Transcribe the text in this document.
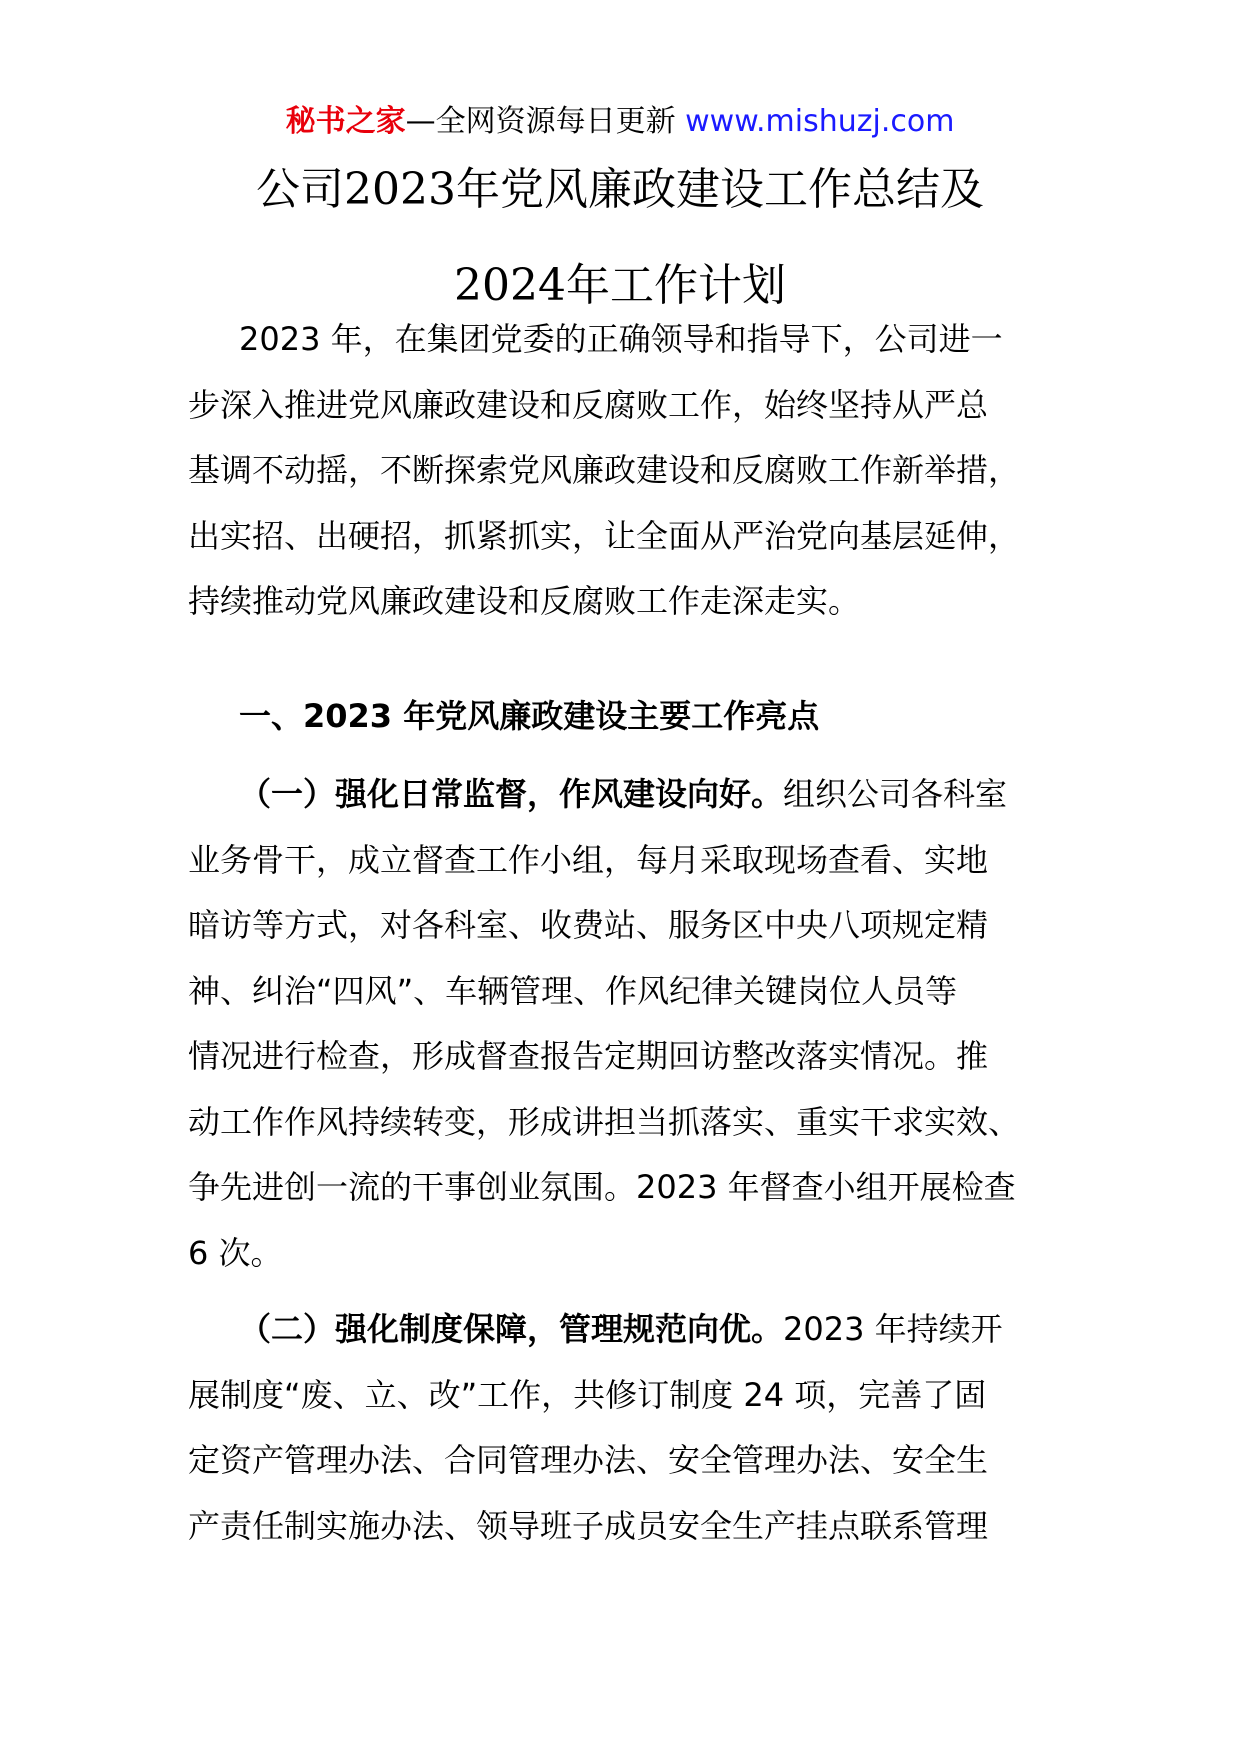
秘书之家—全网资源每日更新 www.mishuzj.com
公司2023年党风廉政建设工作总结及
2024年工作计划
2023 年，在集团党委的正确领导和指导下，公司进一
步深入推进党风廉政建设和反腐败工作，始终坚持从严总
基调不动摇，不断探索党风廉政建设和反腐败工作新举措，
出实招、出硬招，抓紧抓实，让全面从严治党向基层延伸，
持续推动党风廉政建设和反腐败工作走深走实。
一、2023 年党风廉政建设主要工作亮点
（一）强化日常监督，作风建设向好。组织公司各科室
业务骨干，成立督查工作小组，每月采取现场查看、实地
暗访等方式，对各科室、收费站、服务区中央八项规定精
神、纠治“四风”、车辆管理、作风纪律关键岗位人员等
情况进行检查，形成督查报告定期回访整改落实情况。推
动工作作风持续转变，形成讲担当抓落实、重实干求实效、
争先进创一流的干事创业氛围。2023 年督查小组开展检查
6 次。
（二）强化制度保障，管理规范向优。2023 年持续开
展制度“废、立、改”工作，共修订制度 24 项，完善了固
定资产管理办法、合同管理办法、安全管理办法、安全生
产责任制实施办法、领导班子成员安全生产挂点联系管理
